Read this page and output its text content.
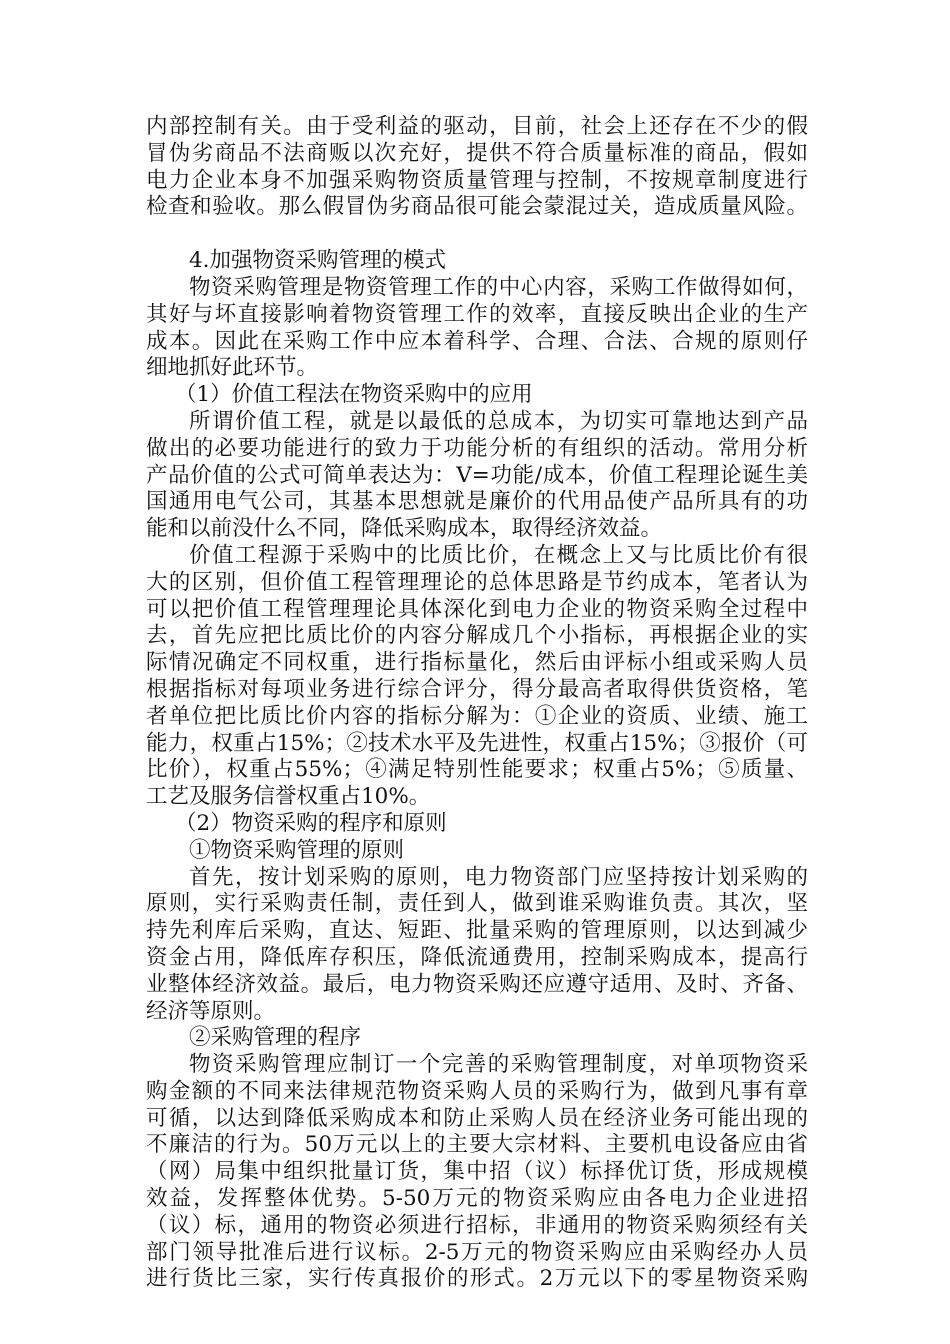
内部控制有关。由于受利益的驱动，目前，社会上还存在不少的假
冒伪劣商品不法商贩以次充好，提供不符合质量标准的商品，假如
电力企业本身不加强采购物资质量管理与控制，不按规章制度进行
检查和验收。那么假冒伪劣商品很可能会蒙混过关，造成质量风险。
4.加强物资采购管理的模式
物资采购管理是物资管理工作的中心内容，采购工作做得如何，
其好与坏直接影响着物资管理工作的效率，直接反映出企业的生产
成本。因此在采购工作中应本着科学、合理、合法、合规的原则仔
细地抓好此环节。
（1）价值工程法在物资采购中的应用
所谓价值工程，就是以最低的总成本，为切实可靠地达到产品
做出的必要功能进行的致力于功能分析的有组织的活动。常用分析
产品价值的公式可简单表达为：V=功能/成本，价值工程理论诞生美
国通用电气公司，其基本思想就是廉价的代用品使产品所具有的功
能和以前没什么不同，降低采购成本，取得经济效益。
价值工程源于采购中的比质比价，在概念上又与比质比价有很
大的区别，但价值工程管理理论的总体思路是节约成本，笔者认为
可以把价值工程管理理论具体深化到电力企业的物资采购全过程中
去，首先应把比质比价的内容分解成几个小指标，再根据企业的实
际情况确定不同权重，进行指标量化，然后由评标小组或采购人员
根据指标对每项业务进行综合评分，得分最高者取得供货资格，笔
者单位把比质比价内容的指标分解为：①企业的资质、业绩、施工
能力，权重占15%；②技术水平及先进性，权重占15%；③报价（可
比价），权重占55%；④满足特别性能要求；权重占5%；⑤质量、
工艺及服务信誉权重占10%。
（2）物资采购的程序和原则
①物资采购管理的原则
首先，按计划采购的原则，电力物资部门应坚持按计划采购的
原则，实行采购责任制，责任到人，做到谁采购谁负责。其次，坚
持先利库后采购，直达、短距、批量采购的管理原则，以达到减少
资金占用，降低库存积压，降低流通费用，控制采购成本，提高行
业整体经济效益。最后，电力物资采购还应遵守适用、及时、齐备、
经济等原则。
②采购管理的程序
物资采购管理应制订一个完善的采购管理制度，对单项物资采
购金额的不同来法律规范物资采购人员的采购行为，做到凡事有章
可循，以达到降低采购成本和防止采购人员在经济业务可能出现的
不廉洁的行为。50万元以上的主要大宗材料、主要机电设备应由省
（网）局集中组织批量订货，集中招（议）标择优订货，形成规模
效益，发挥整体优势。5-50万元的物资采购应由各电力企业进招
（议）标，通用的物资必须进行招标，非通用的物资采购须经有关
部门领导批准后进行议标。2-5万元的物资采购应由采购经办人员
进行货比三家，实行传真报价的形式。2万元以下的零星物资采购
